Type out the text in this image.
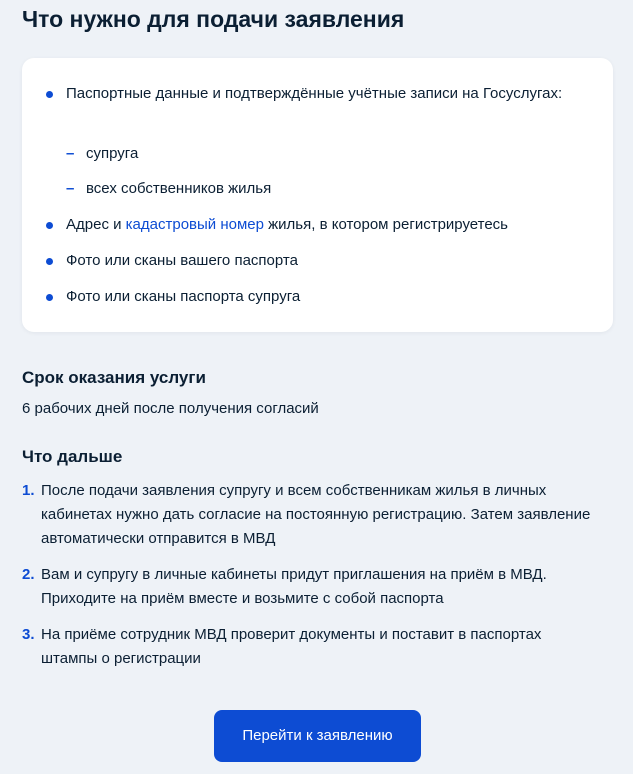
Что нужно для подачи заявления
Паспортные данные и подтверждённые учётные записи на Госуслугах:
– супруга
– всех собственников жилья
Адрес и кадастровый номер жилья, в котором регистрируетесь
Фото или сканы вашего паспорта
Фото или сканы паспорта супруга
Срок оказания услуги

6 рабочих дней после получения согласий

Что дальше
1. После подачи заявления супругу и всем собственникам жилья в личных кабинетах нужно дать согласие на постоянную регистрацию. Затем заявление автоматически отправится в МВД
2. Вам и супругу в личные кабинеты придут приглашения на приём в МВД. Приходите на приём вместе и возьмите с собой паспорта
3. На приёме сотрудник МВД проверит документы и поставит в паспортах штампы о регистрации
Перейти к заявлению
